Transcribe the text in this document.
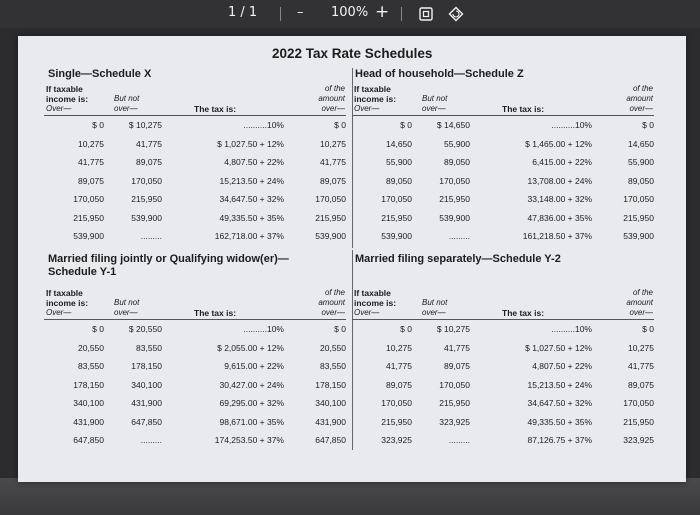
1 / 1	– 100% +
2022 Tax Rate Schedules
Single—Schedule X	Head of household—Schedule Z
Married filing jointly or Qualifying widow(er)—
Schedule Y-1
Married filing separately—Schedule Y-2
If taxable
income is:
Over—
But not
over—	The tax is:
of the
amount
over—
$ 0	$ 10,275	..........10%	$ 0
10,275	41,775	$ 1,027.50 + 12%	10,275
41,775	89,075	4,807.50 + 22%	41,775
89,075	170,050	15,213.50 + 24%	89,075
170,050	215,950	34,647.50 + 32%	170,050
215,950	539,900	49,335.50 + 35%	215,950
539,900	.........	162,718.00 + 37%	539,900
If taxable
income is:
Over—
But not
over—	The tax is:
of the
amount
over—
$ 0	$ 14,650	..........10%	$ 0
14,650	55,900	$ 1,465.00 + 12%	14,650
55,900	89,050	6,415.00 + 22%	55,900
89,050	170,050	13,708.00 + 24%	89,050
170,050	215,950	33,148.00 + 32%	170,050
215,950	539,900	47,836.00 + 35%	215,950
539,900	.........	161,218.50 + 37%	539,900
If taxable
income is:
Over—
But not
over—	The tax is:
of the
amount
over—
$ 0	$ 20,550	..........10%	$ 0
20,550	83,550	$ 2,055.00 + 12%	20,550
83,550	178,150	9,615.00 + 22%	83,550
178,150	340,100	30,427.00 + 24%	178,150
340,100	431,900	69,295.00 + 32%	340,100
431,900	647,850	98,671.00 + 35%	431,900
647,850	.........	174,253.50 + 37%	647,850
If taxable
income is:
Over—
But not
over—	The tax is:
of the
amount
over—
$ 0	$ 10,275	..........10%	$ 0
10,275	41,775	$ 1,027.50 + 12%	10,275
41,775	89,075	4,807.50 + 22%	41,775
89,075	170,050	15,213.50 + 24%	89,075
170,050	215,950	34,647.50 + 32%	170,050
215,950	323,925	49,335.50 + 35%	215,950
323,925	.........	87,126.75 + 37%	323,925
